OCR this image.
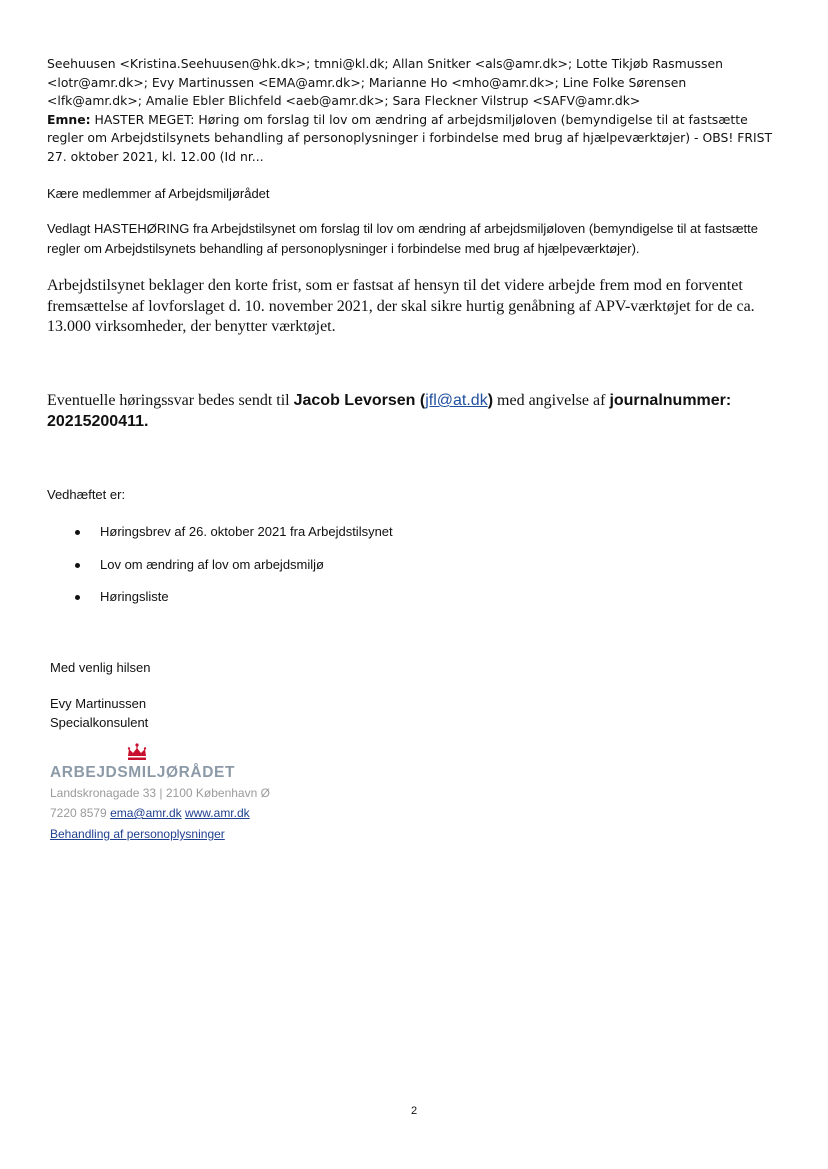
Seehuusen <Kristina.Seehuusen@hk.dk>; tmni@kl.dk; Allan Snitker <als@amr.dk>; Lotte Tikjøb Rasmussen

<lotr@amr.dk>; Evy Martinussen <EMA@amr.dk>; Marianne Ho <mho@amr.dk>; Line Folke Sørensen

<lfk@amr.dk>; Amalie Ebler Blichfeld <aeb@amr.dk>; Sara Fleckner Vilstrup <SAFV@amr.dk>

Emne: HASTER MEGET: Høring om forslag til lov om ændring af arbejdsmiljøloven (bemyndigelse til at fastsætte regler om Arbejdstilsynets behandling af personoplysninger i forbindelse med brug af hjælpeværktøjer) - OBS! FRIST 27. oktober 2021, kl. 12.00 (Id nr...

Kære medlemmer af Arbejdsmiljørådet
Vedlagt HASTEHØRING fra Arbejdstilsynet om forslag til lov om ændring af arbejdsmiljøloven (bemyndigelse til at fastsætte regler om Arbejdstilsynets behandling af personoplysninger i forbindelse med brug af hjælpeværktøjer).
Arbejdstilsynet beklager den korte frist, som er fastsat af hensyn til det videre arbejde frem mod en forventet fremsættelse af lovforslaget d. 10. november 2021, der skal sikre hurtig genåbning af APV-værktøjet for de ca. 13.000 virksomheder, der benytter værktøjet.
Eventuelle høringssvar bedes sendt til Jacob Levorsen (jfl@at.dk) med angivelse af journalnummer: 20215200411.
Vedhæftet er:
Høringsbrev af 26. oktober 2021 fra Arbejdstilsynet
Lov om ændring af lov om arbejdsmiljø
Høringsliste
Med venlig hilsen
Evy Martinussen
Specialkonsulent
ARBEJDSMILJØRÅDET
Landskronagade 33 | 2100 København Ø
7220 8579 ema@amr.dk www.amr.dk
Behandling af personoplysninger
2
